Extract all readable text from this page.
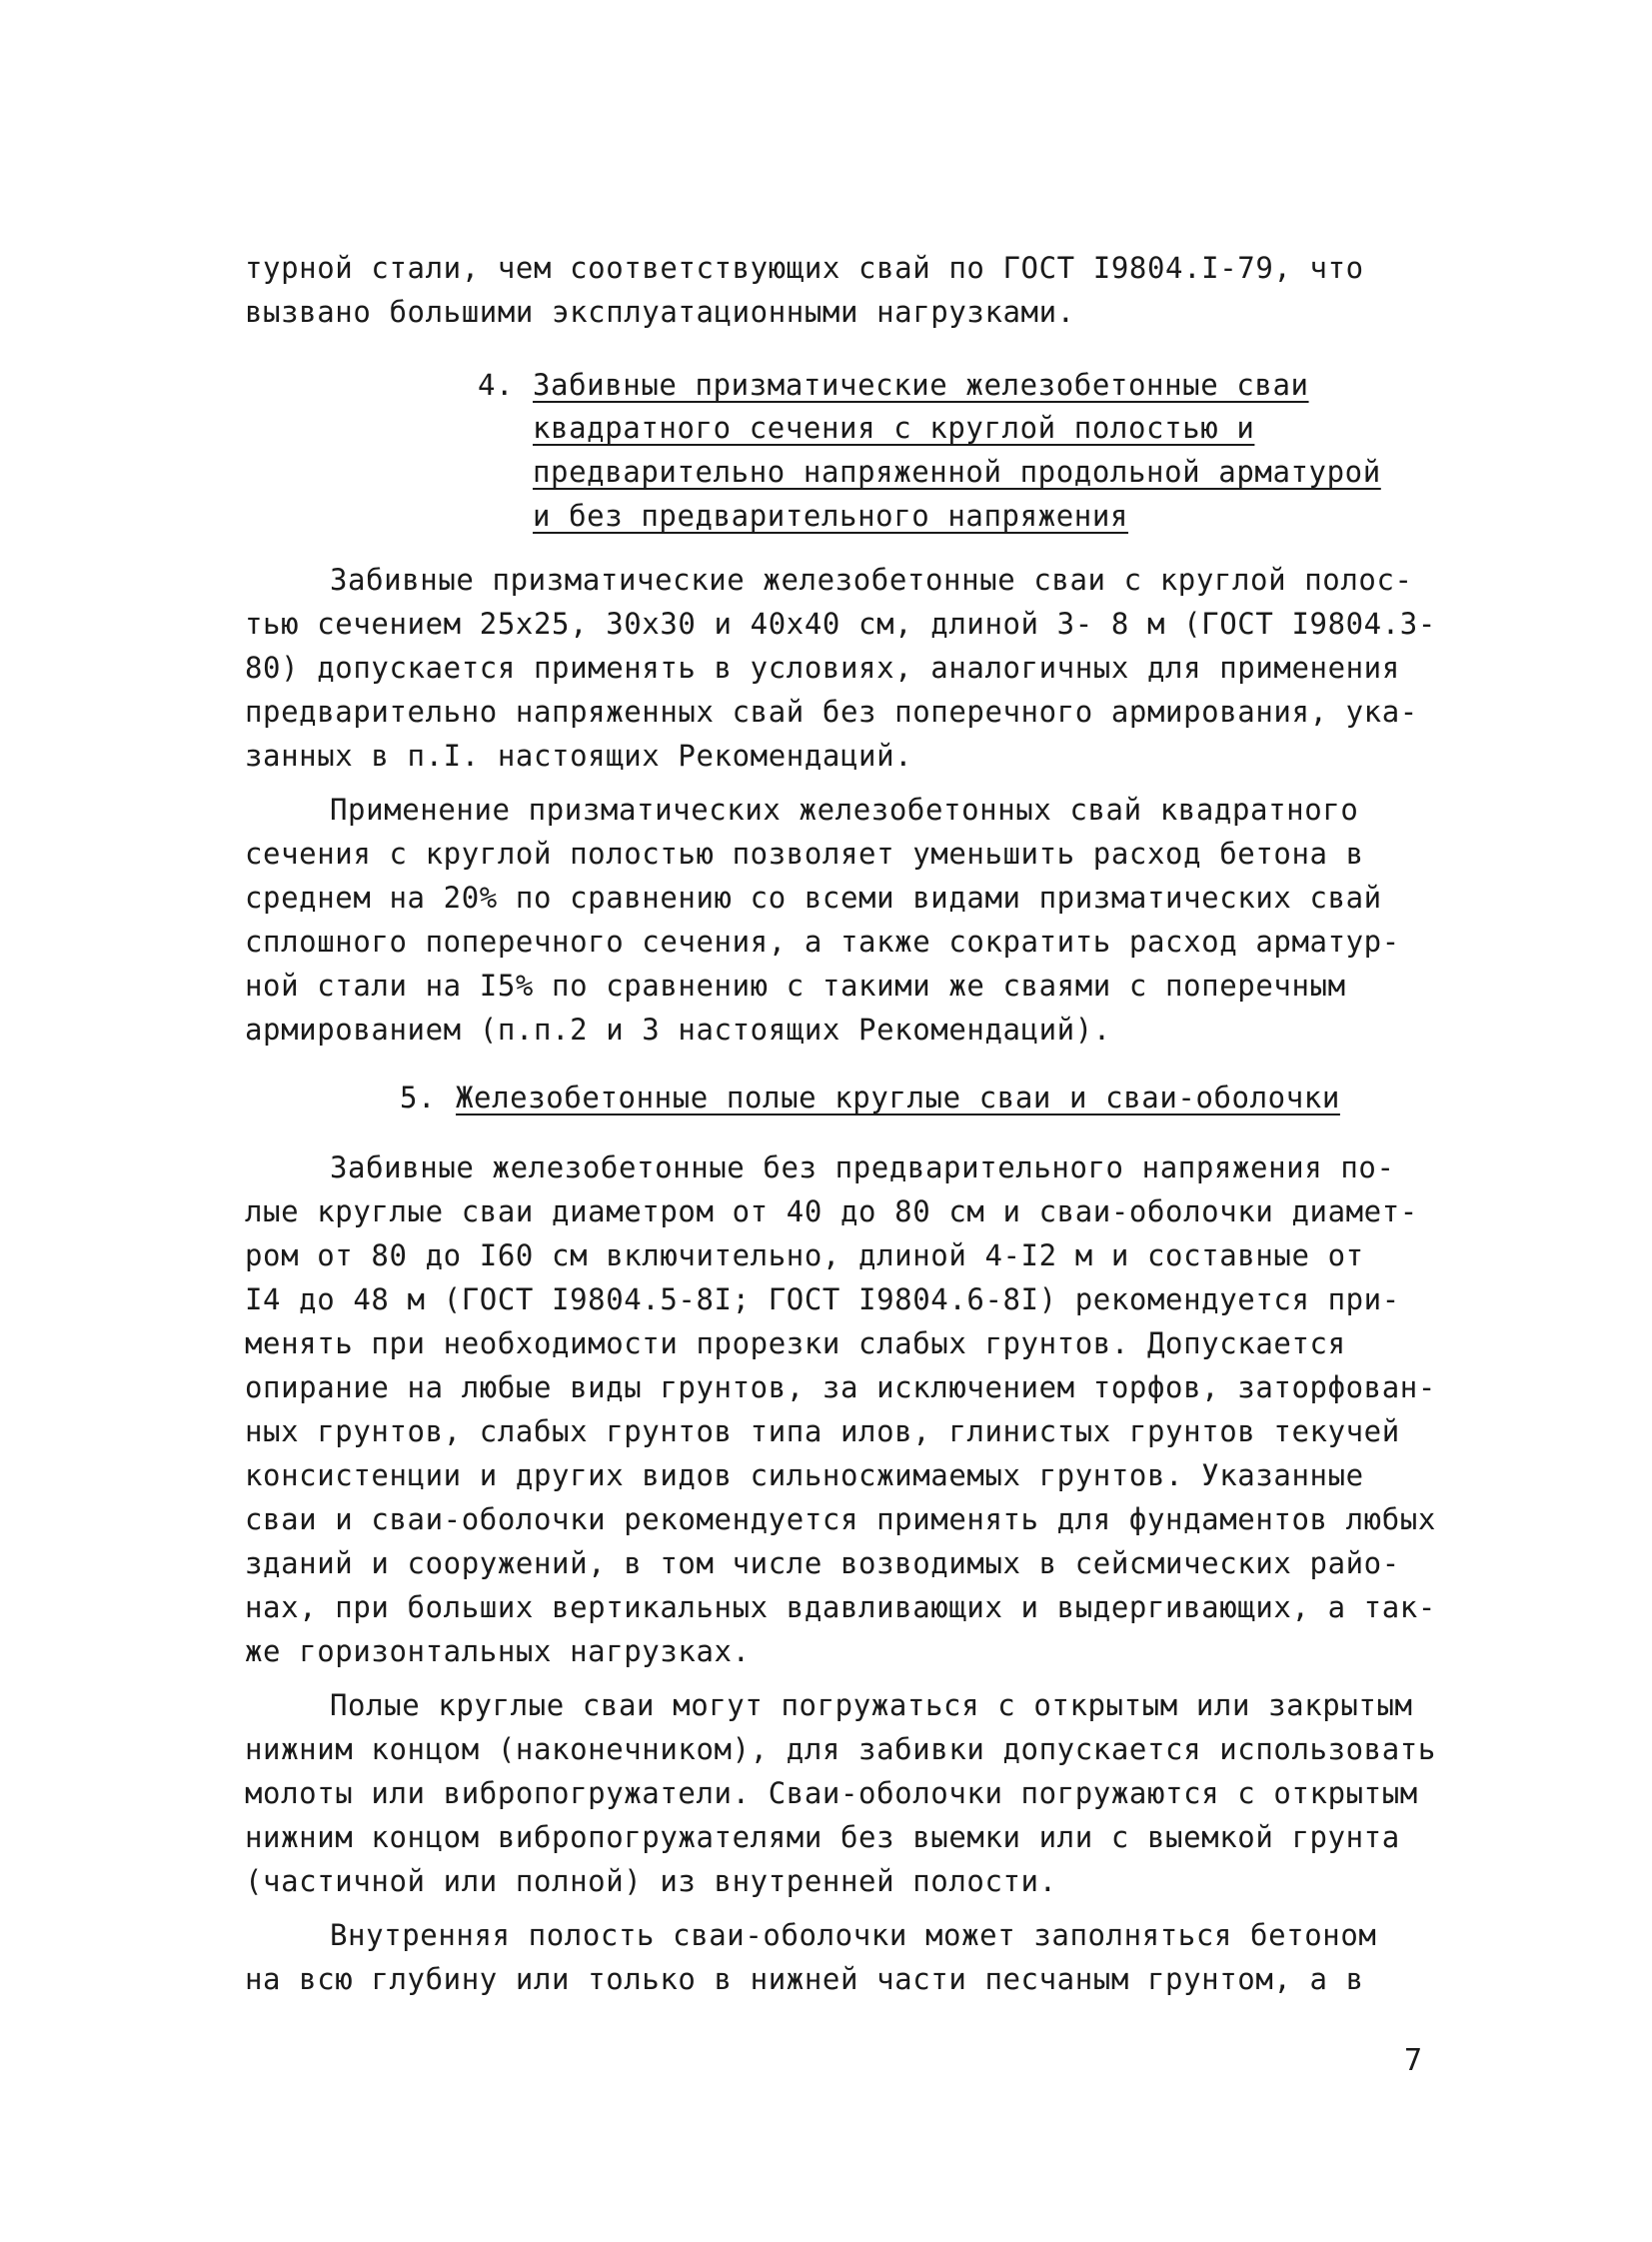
турной стали, чем соответствующих свай по ГОСТ I9804.I-79, что
вызвано большими эксплуатационными нагрузками.
4. Забивные призматические железобетонные сваи
квадратного сечения с круглой полостью и
предварительно напряженной продольной арматурой
и без предварительного напряжения
Забивные призматические железобетонные сваи с круглой полос-
тью сечением 25х25, 30х30 и 40х40 см, длиной 3- 8 м (ГОСТ I9804.3-
80) допускается применять в условиях, аналогичных для применения
предварительно напряженных свай без поперечного армирования, ука-
занных в п.I. настоящих Рекомендаций.
Применение призматических железобетонных свай квадратного
сечения с круглой полостью позволяет уменьшить расход бетона в
среднем на 20% по сравнению со всеми видами призматических свай
сплошного поперечного сечения, а также сократить расход арматур-
ной стали на I5% по сравнению с такими же сваями с поперечным
армированием (п.п.2 и 3 настоящих Рекомендаций).
5. Железобетонные полые круглые сваи и сваи-оболочки
Забивные железобетонные без предварительного напряжения по-
лые круглые сваи диаметром от 40 до 80 см и сваи-оболочки диамет-
ром от 80 до I60 см включительно, длиной 4-I2 м и составные от
I4 до 48 м (ГОСТ I9804.5-8I; ГОСТ I9804.6-8I) рекомендуется при-
менять при необходимости прорезки слабых грунтов. Допускается
опирание на любые виды грунтов, за исключением торфов, заторфован-
ных грунтов, слабых грунтов типа илов, глинистых грунтов текучей
консистенции и других видов сильносжимаемых грунтов. Указанные
сваи и сваи-оболочки рекомендуется применять для фундаментов любых
зданий и сооружений, в том числе возводимых в сейсмических райо-
нах, при больших вертикальных вдавливающих и выдергивающих, а так-
же горизонтальных нагрузках.
Полые круглые сваи могут погружаться с открытым или закрытым
нижним концом (наконечником), для забивки допускается использовать
молоты или вибропогружатели. Сваи-оболочки погружаются с открытым
нижним концом вибропогружателями без выемки или с выемкой грунта
(частичной или полной) из внутренней полости.
Внутренняя полость сваи-оболочки может заполняться бетоном
на всю глубину или только в нижней части песчаным грунтом, а в
7
